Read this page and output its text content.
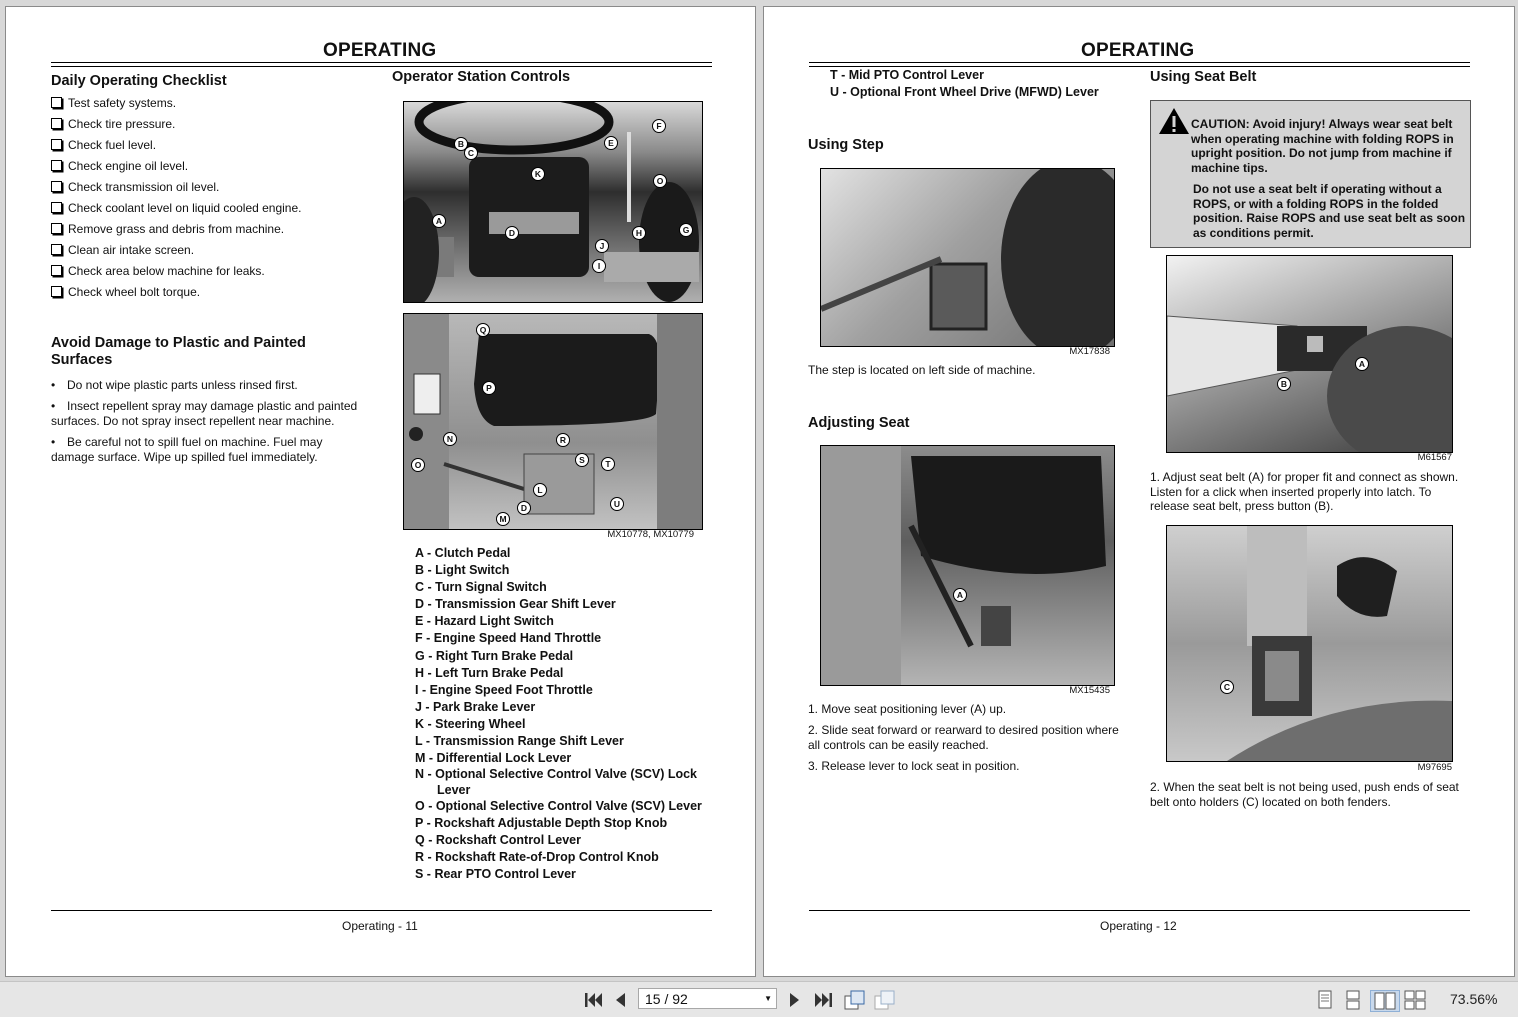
OPERATING
Daily Operating Checklist
Test safety systems.
Check tire pressure.
Check fuel level.
Check engine oil level.
Check transmission oil level.
Check coolant level on liquid cooled engine.
Remove grass and debris from machine.
Clean air intake screen.
Check area below machine for leaks.
Check wheel bolt torque.
Avoid Damage to Plastic and Painted
Surfaces
• Do not wipe plastic parts unless rinsed first.
• Insect repellent spray may damage plastic and painted surfaces. Do not spray insect repellent near machine.
• Be careful not to spill fuel on machine. Fuel may damage surface. Wipe up spilled fuel immediately.
Operator Station Controls
B
C
E
F
K
O
A
D
J
H	G
I
Q
P
N	R
S	T
O
L
D	U
M
MX10778, MX10779
A - Clutch Pedal
B - Light Switch
C - Turn Signal Switch
D - Transmission Gear Shift Lever
E - Hazard Light Switch
F - Engine Speed Hand Throttle
G - Right Turn Brake Pedal
H - Left Turn Brake Pedal
I - Engine Speed Foot Throttle
J - Park Brake Lever
K - Steering Wheel
L - Transmission Range Shift Lever
M - Differential Lock Lever
N - Optional Selective Control Valve (SCV) Lock
Lever
O - Optional Selective Control Valve (SCV) Lever
P - Rockshaft Adjustable Depth Stop Knob
Q - Rockshaft Control Lever
R - Rockshaft Rate-of-Drop Control Knob
S - Rear PTO Control Lever
Operating - 11
OPERATING
T - Mid PTO Control Lever
U - Optional Front Wheel Drive (MFWD) Lever
Using Step
MX17838
The step is located on left side of machine.
Adjusting Seat
A
MX15435
1. Move seat positioning lever (A) up.
2. Slide seat forward or rearward to desired position where all controls can be easily reached.
3. Release lever to lock seat in position.
Using Seat Belt
CAUTION: Avoid injury! Always wear seat belt when operating machine with folding ROPS in upright position. Do not jump from machine if machine tips.
Do not use a seat belt if operating without a ROPS, or with a folding ROPS in the folded position. Raise ROPS and use seat belt as soon as conditions permit.
A
B
M61567
1. Adjust seat belt (A) for proper fit and connect as shown. Listen for a click when inserted properly into latch. To release seat belt, press button (B).
C
M97695
2. When the seat belt is not being used, push ends of seat belt onto holders (C) located on both fenders.
Operating - 12
15 / 92	▼	73.56%
